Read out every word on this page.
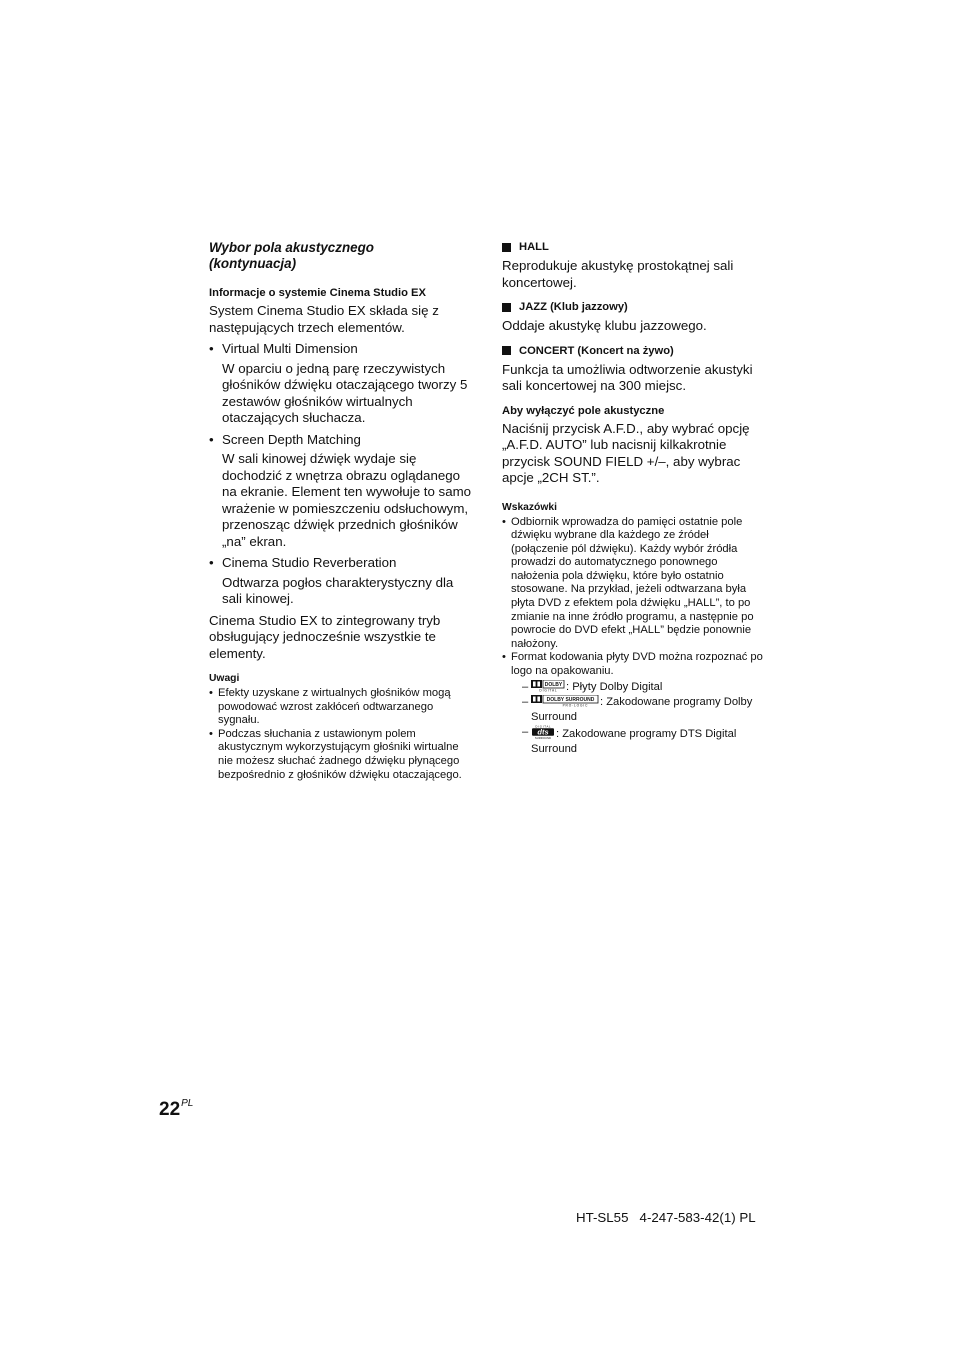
Wybor pola akustycznego
(kontynuacja)
Informacje o systemie Cinema Studio EX
System Cinema Studio EX składa się z następujących trzech elementów.
• Virtual Multi Dimension
W oparciu o jedną parę rzeczywistych głośników dźwięku otaczającego tworzy 5 zestawów głośników wirtualnych otaczających słuchacza.
• Screen Depth Matching
W sali kinowej dźwięk wydaje się dochodzić z wnętrza obrazu oglądanego na ekranie. Element ten wywołuje to samo wrażenie w pomieszczeniu odsłuchowym, przenosząc dźwięk przednich głośników „na” ekran.
• Cinema Studio Reverberation
Odtwarza pogłos charakterystyczny dla sali kinowej.
Cinema Studio EX to zintegrowany tryb obsługujący jednocześnie wszystkie te elementy.
Uwagi
• Efekty uzyskane z wirtualnych głośników mogą powodować wzrost zakłóceń odtwarzanego sygnału.
• Podczas słuchania z ustawionym polem akustycznym wykorzystującym głośniki wirtualne nie możesz słuchać żadnego dźwięku płynącego bezpośrednio z głośników dźwięku otaczającego.
HALL
Reprodukuje akustykę prostokątnej sali koncertowej.
JAZZ (Klub jazzowy)
Oddaje akustykę klubu jazzowego.
CONCERT (Koncert na żywo)
Funkcja ta umożliwia odtworzenie akustyki sali koncertowej na 300 miejsc.
Aby wyłączyć pole akustyczne
Naciśnij przycisk A.F.D., aby wybrać opcję „A.F.D. AUTO” lub nacisnij kilkakrotnie przycisk SOUND FIELD +/–, aby wybrac apcje „2CH ST.”.
Wskazówki
• Odbiornik wprowadza do pamięci ostatnie pole dźwięku wybrane dla każdego ze źródeł (połączenie pól dźwięku). Każdy wybór źródła prowadzi do automatycznego ponownego nałożenia pola dźwięku, które było ostatnio stosowane. Na przykład, jeżeli odtwarzana była płyta DVD z efektem pola dźwięku „HALL”, to po zmianie na inne źródło programu, a następnie po powrocie do DVD efekt „HALL” będzie ponownie nałożony.
• Format kodowania płyty DVD można rozpoznać po logo na opakowaniu.
–	DOLBY
D I G I T A L : Płyty Dolby Digital
–	DOLBY SURROUND
P R O · L O G I C : Zakodowane programy Dolby Surround
–	D I G I T A L
dts
SURROUND : Zakodowane programy DTS Digital Surround
$22^{PL}$
HT-SL55   4-247-583-42(1) PL
